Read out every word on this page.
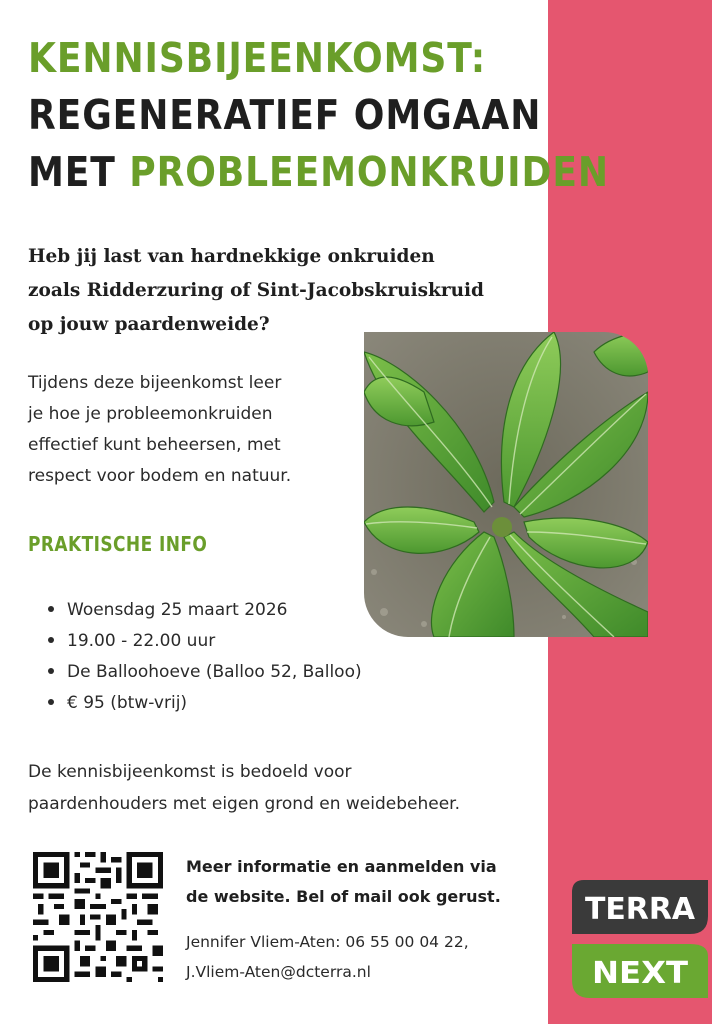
KENNISBIJEENKOMST:
REGENERATIEF OMGAAN
MET PROBLEEMONKRUIDEN
Heb jij last van hardnekkige onkruiden
zoals Ridderzuring of Sint-Jacobskruiskruid
op jouw paardenweide?
Tijdens deze bijeenkomst leer
je hoe je probleemonkruiden
effectief kunt beheersen, met
respect voor bodem en natuur.
PRAKTISCHE INFO
Woensdag 25 maart 2026
19.00 - 22.00 uur
De Balloohoeve (Balloo 52, Balloo)
€ 95 (btw-vrij)
De kennisbijeenkomst is bedoeld voor
paardenhouders met eigen grond en weidebeheer.
Meer informatie en aanmelden via
de website. Bel of mail ook gerust.
Jennifer Vliem-Aten: 06 55 00 04 22,
J.Vliem-Aten@dcterra.nl
TERRA
NEXT
